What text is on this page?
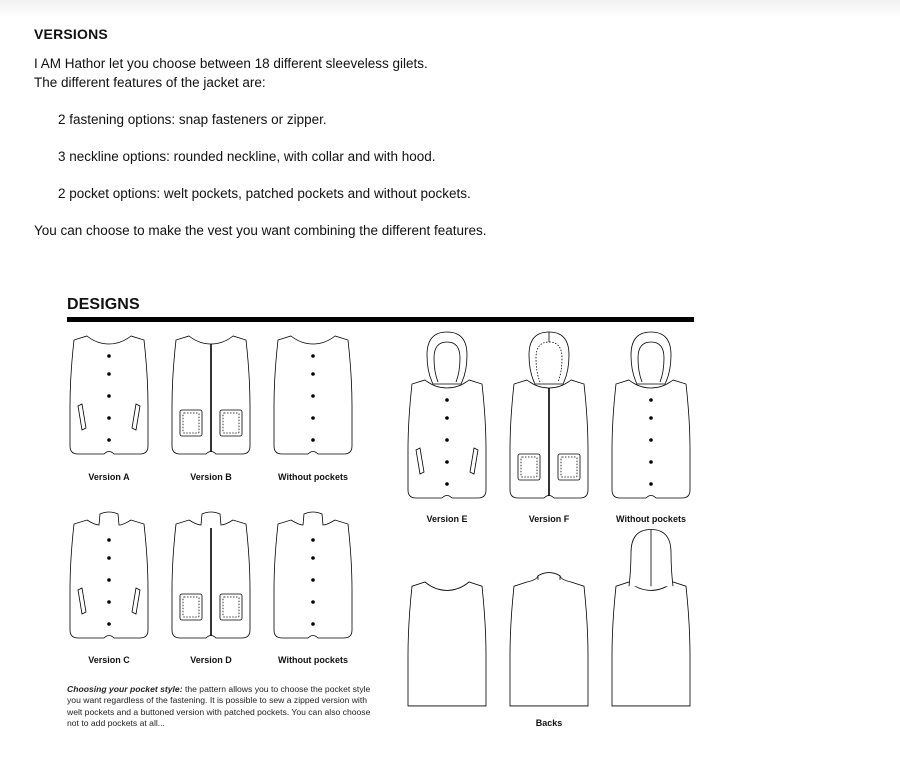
VERSIONS
I AM Hathor let you choose between 18 different sleeveless gilets.
The different features of the jacket are:
2 fastening options: snap fasteners or zipper.
3 neckline options: rounded neckline, with collar and with hood.
2 pocket options: welt pockets, patched pockets and without pockets.
You can choose to make the vest you want combining the different features.
DESIGNS
Version A	Version B	Without pockets
Version C	Version D	Without pockets
Version E	Version F	Without pockets
Backs
Choosing your pocket style: the pattern allows you to choose the pocket style you want regardless of the fastening. It is possible to sew a zipped version with welt pockets and a buttoned version with patched pockets. You can also choose not to add pockets at all...
